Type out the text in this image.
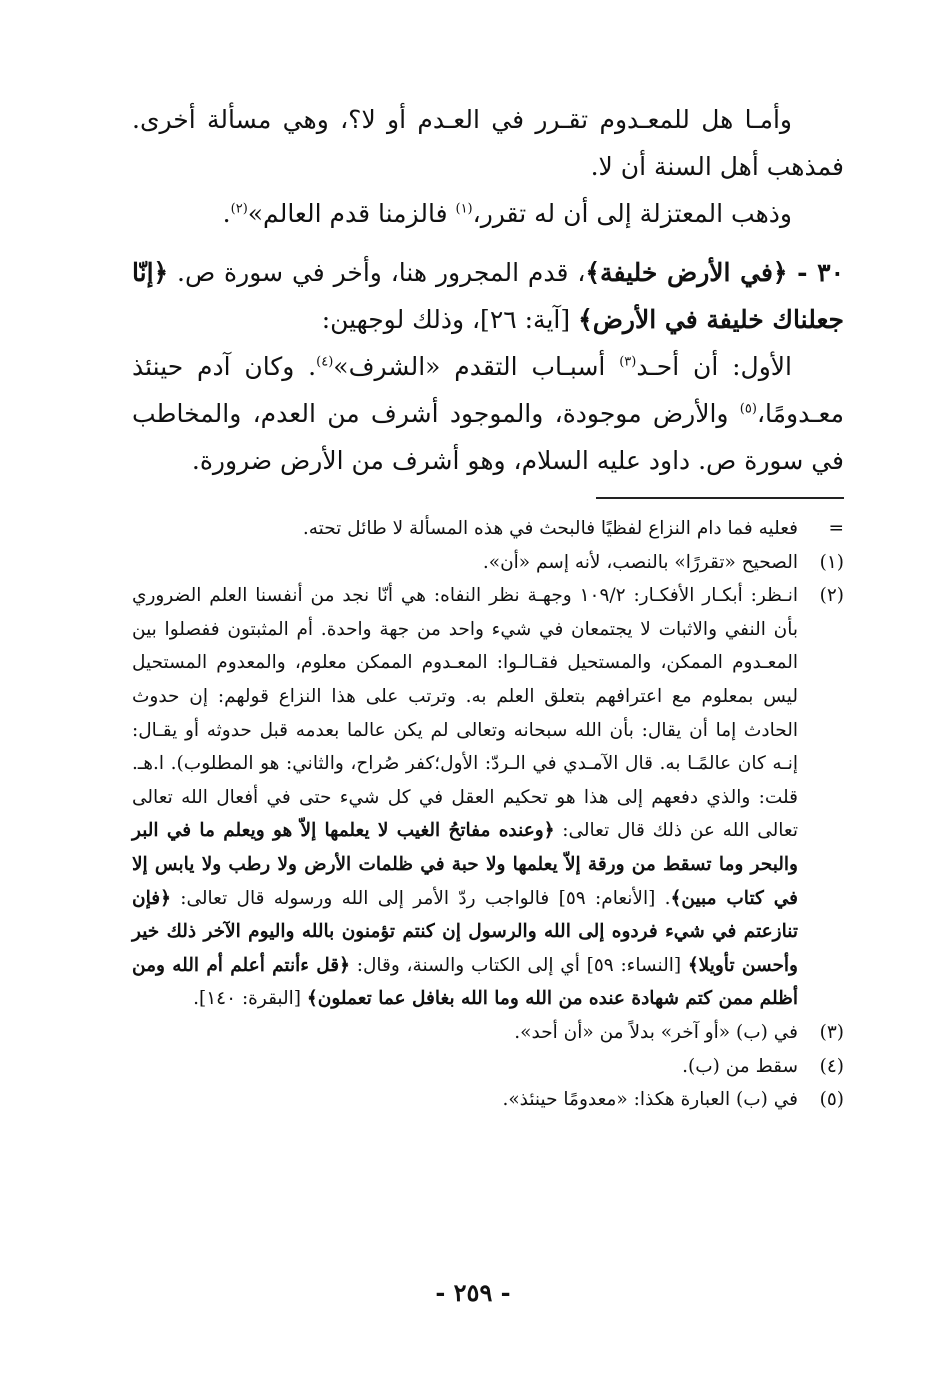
وأمـا هل للمعـدوم تقـرر في العـدم أو لا؟، وهي مسألة أخرى. فمذهب أهل السنة أن لا.

وذهب المعتزلة إلى أن له تقرر،$^{(١)}$ فالزمنا قدم العالم»$^{(٢)}$.

٣٠ - ﴿في الأرض خليفة﴾، قدم المجرور هنا، وأخر في سورة ص. ﴿إنّا جعلناك خليفة في الأرض﴾ [آية: ٢٦]، وذلك لوجهين:

الأول: أن أحـد$^{(٣)}$ أسبـاب التقدم «الشرف»$^{(٤)}$. وكان آدم حينئذ معـدومًا،$^{(٥)}$ والأرض موجودة، والموجود أشرف من العدم، والمخاطب في سورة ص. داود عليه السلام، وهو أشرف من الأرض ضرورة.

=
فعليه فما دام النزاع لفظيًا فالبحث في هذه المسألة لا طائل تحته.

(١)
الصحيح «تقررًا» بالنصب، لأنه إسم «أن».

(٢)
انـظر: أبكـار الأفكـار: ١٠٩/٢ وجهـة نظر النفاه: هي أنّا نجد من أنفسنا العلم الضروري بأن النفي والاثبات لا يجتمعان في شيء واحد من جهة واحدة. أم المثبتون ففصلوا بين المعـدوم الممكن، والمستحيل فقـالـوا: المعـدوم الممكن معلوم، والمعدوم المستحيل ليس بمعلوم مع اعترافهم بتعلق العلم به. وترتب على هذا النزاع قولهم: إن حدوث الحادث إما أن يقال: بأن الله سبحانه وتعالى لم يكن عالما بعدمه قبل حدوثه أو يقـال: إنـه كان عالمًـا به. قال الآمـدي في الـردّ: الأول؛كفر صُراح، والثاني: هو المطلوب). ا.هـ. قلت: والذي دفعهم إلى هذا هو تحكيم العقل في كل شيء حتى في أفعال الله تعالى تعالى الله عن ذلك قال تعالى: ﴿وعنده مفاتحُ الغيب لا يعلمها إلاّ هو ويعلم ما في البر والبحر وما تسقط من ورقة إلاّ يعلمها ولا حبة في ظلمات الأرض ولا رطب ولا يابس إلا في كتاب مبين﴾. [الأنعام: ٥٩] فالواجب ردّ الأمر إلى الله ورسوله قال تعالى: ﴿فإن تنازعتم في شيء فردوه إلى الله والرسول إن كنتم تؤمنون بالله واليوم الآخر ذلك خير وأحسن تأويلا﴾ [النساء: ٥٩] أي إلى الكتاب والسنة، وقال: ﴿قل ءأنتم أعلم أم الله ومن أظلم ممن كتم شهادة عنده من الله وما الله بغافل عما تعملون﴾ [البقرة: ١٤٠].

(٣)
في (ب) «أو آخر» بدلاً من «أن أحد».

(٤)
سقط من (ب).

(٥)
في (ب) العبارة هكذا: «معدومًا حينئذ».

- ٢٥٩ -
